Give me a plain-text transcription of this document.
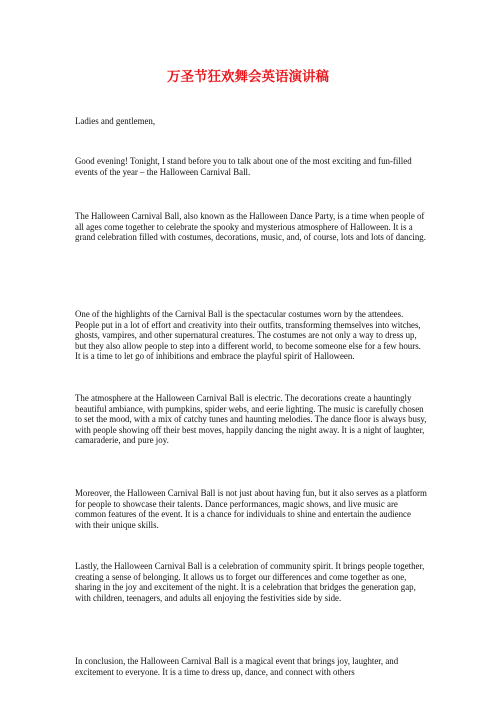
万圣节狂欢舞会英语演讲稿

Ladies and gentlemen,

Good evening! Tonight, I stand before you to talk about one of the most exciting and fun-filled events of the year – the Halloween Carnival Ball.

The Halloween Carnival Ball, also known as the Halloween Dance Party, is a time when people of all ages come together to celebrate the spooky and mysterious atmosphere of Halloween. It is a grand celebration filled with costumes, decorations, music, and, of course, lots and lots of dancing.

One of the highlights of the Carnival Ball is the spectacular costumes worn by the attendees. People put in a lot of effort and creativity into their outfits, transforming themselves into witches, ghosts, vampires, and other supernatural creatures. The costumes are not only a way to dress up, but they also allow people to step into a different world, to become someone else for a few hours. It is a time to let go of inhibitions and embrace the playful spirit of Halloween.

The atmosphere at the Halloween Carnival Ball is electric. The decorations create a hauntingly beautiful ambiance, with pumpkins, spider webs, and eerie lighting. The music is carefully chosen to set the mood, with a mix of catchy tunes and haunting melodies. The dance floor is always busy, with people showing off their best moves, happily dancing the night away. It is a night of laughter, camaraderie, and pure joy.

Moreover, the Halloween Carnival Ball is not just about having fun, but it also serves as a platform for people to showcase their talents. Dance performances, magic shows, and live music are common features of the event. It is a chance for individuals to shine and entertain the audience with their unique skills.

Lastly, the Halloween Carnival Ball is a celebration of community spirit. It brings people together, creating a sense of belonging. It allows us to forget our differences and come together as one, sharing in the joy and excitement of the night. It is a celebration that bridges the generation gap, with children, teenagers, and adults all enjoying the festivities side by side.

In conclusion, the Halloween Carnival Ball is a magical event that brings joy, laughter, and excitement to everyone. It is a time to dress up, dance, and connect with others
